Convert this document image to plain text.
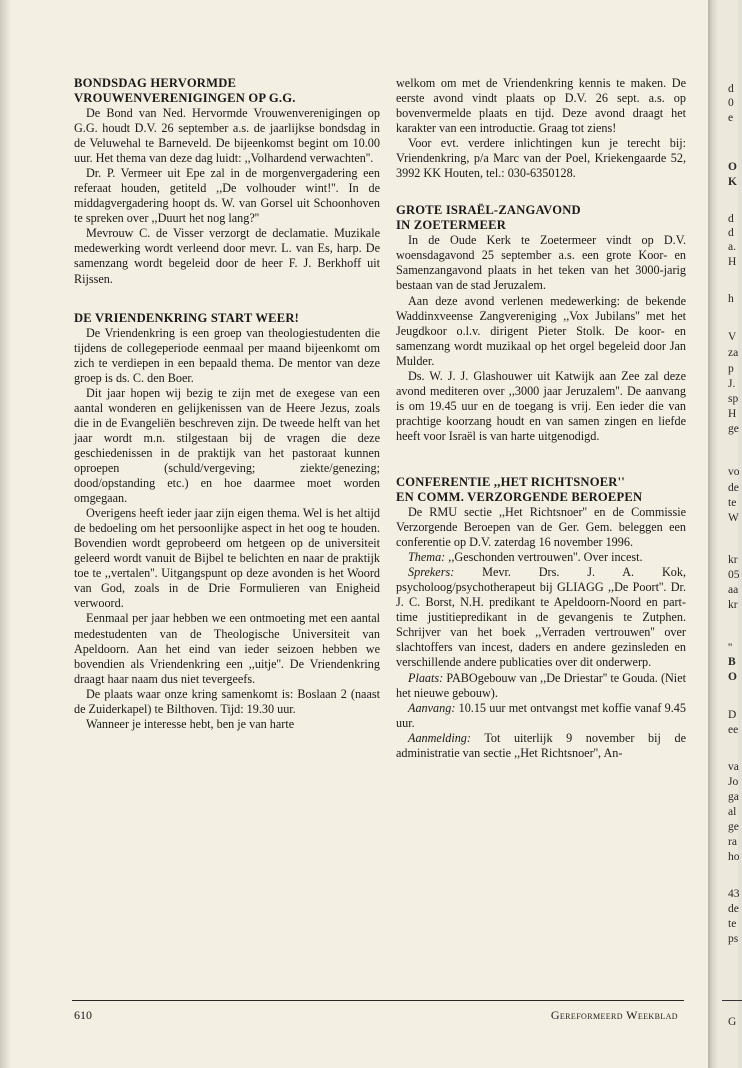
BONDSDAG HERVORMDE
VROUWENVERENIGINGEN OP G.G.

De Bond van Ned. Hervormde Vrouwenverenigingen op G.G. houdt D.V. 26 september a.s. de jaarlijkse bondsdag in de Veluwehal te Barneveld. De bijeenkomst begint om 10.00 uur. Het thema van deze dag luidt: ,,Volhardend verwachten''.

Dr. P. Vermeer uit Epe zal in de morgenvergadering een referaat houden, getiteld ,,De volhouder wint!''. In de middagvergadering hoopt ds. W. van Gorsel uit Schoonhoven te spreken over ,,Duurt het nog lang?''

Mevrouw C. de Visser verzorgt de declamatie. Muzikale medewerking wordt verleend door mevr. L. van Es, harp. De samenzang wordt begeleid door de heer F. J. Berkhoff uit Rijssen.

DE VRIENDENKRING START WEER!

De Vriendenkring is een groep van theologiestudenten die tijdens de collegeperiode eenmaal per maand bijeenkomt om zich te verdiepen in een bepaald thema. De mentor van deze groep is ds. C. den Boer.

Dit jaar hopen wij bezig te zijn met de exegese van een aantal wonderen en gelijkenissen van de Heere Jezus, zoals die in de Evangeliën beschreven zijn. De tweede helft van het jaar wordt m.n. stilgestaan bij de vragen die deze geschiedenissen in de praktijk van het pastoraat kunnen oproepen (schuld/vergeving; ziekte/genezing; dood/opstanding etc.) en hoe daarmee moet worden omgegaan.

Overigens heeft ieder jaar zijn eigen thema. Wel is het altijd de bedoeling om het persoonlijke aspect in het oog te houden. Bovendien wordt geprobeerd om hetgeen op de universiteit geleerd wordt vanuit de Bijbel te belichten en naar de praktijk toe te ,,vertalen''. Uitgangspunt op deze avonden is het Woord van God, zoals in de Drie Formulieren van Enigheid verwoord.

Eenmaal per jaar hebben we een ontmoeting met een aantal medestudenten van de Theologische Universiteit van Apeldoorn. Aan het eind van ieder seizoen hebben we bovendien als Vriendenkring een ,,uitje''. De Vriendenkring draagt haar naam dus niet tevergeefs.

De plaats waar onze kring samenkomt is: Boslaan 2 (naast de Zuiderkapel) te Bilthoven. Tijd: 19.30 uur.

Wanneer je interesse hebt, ben je van harte

welkom om met de Vriendenkring kennis te maken. De eerste avond vindt plaats op D.V. 26 sept. a.s. op bovenvermelde plaats en tijd. Deze avond draagt het karakter van een introductie. Graag tot ziens!

Voor evt. verdere inlichtingen kun je terecht bij: Vriendenkring, p/a Marc van der Poel, Kriekengaarde 52, 3992 KK Houten, tel.: 030-6350128.

GROTE ISRAËL-ZANGAVOND
IN ZOETERMEER

In de Oude Kerk te Zoetermeer vindt op D.V. woensdagavond 25 september a.s. een grote Koor- en Samenzangavond plaats in het teken van het 3000-jarig bestaan van de stad Jeruzalem.

Aan deze avond verlenen medewerking: de bekende Waddinxveense Zangvereniging ,,Vox Jubilans'' met het Jeugdkoor o.l.v. dirigent Pieter Stolk. De koor- en samenzang wordt muzikaal op het orgel begeleid door Jan Mulder.

Ds. W. J. J. Glashouwer uit Katwijk aan Zee zal deze avond mediteren over ,,3000 jaar Jeruzalem''. De aanvang is om 19.45 uur en de toegang is vrij. Een ieder die van prachtige koorzang houdt en van samen zingen en liefde heeft voor Israël is van harte uitgenodigd.

CONFERENTIE ,,HET RICHTSNOER''
EN COMM. VERZORGENDE BEROEPEN

De RMU sectie ,,Het Richtsnoer'' en de Commissie Verzorgende Beroepen van de Ger. Gem. beleggen een conferentie op D.V. zaterdag 16 november 1996.

Thema: ,,Geschonden vertrouwen''. Over incest.

Sprekers: Mevr. Drs. J. A. Kok, psycholoog/psychotherapeut bij GLIAGG ,,De Poort''. Dr. J. C. Borst, N.H. predikant te Apeldoorn-Noord en part-time justitiepredikant in de gevangenis te Zutphen. Schrijver van het boek ,,Verraden vertrouwen'' over slachtoffers van incest, daders en andere gezinsleden en verschillende andere publicaties over dit onderwerp.

Plaats: PABOgebouw van ,,De Driestar'' te Gouda. (Niet het nieuwe gebouw).

Aanvang: 10.15 uur met ontvangst met koffie vanaf 9.45 uur.

Aanmelding: Tot uiterlijk 9 november bij de administratie van sectie ,,Het Richtsnoer'', An-

610	Gereformeerd Weekblad
d
0
e
O
K
d
d
a.
H
h
V
za
p
J.
sp
H
ge
vo
de
te
W
kr
05
aa
kr
''
B
O
D
ee
va
Jo
ga
al
ge
ra
ho
43
de
te
ps
G
